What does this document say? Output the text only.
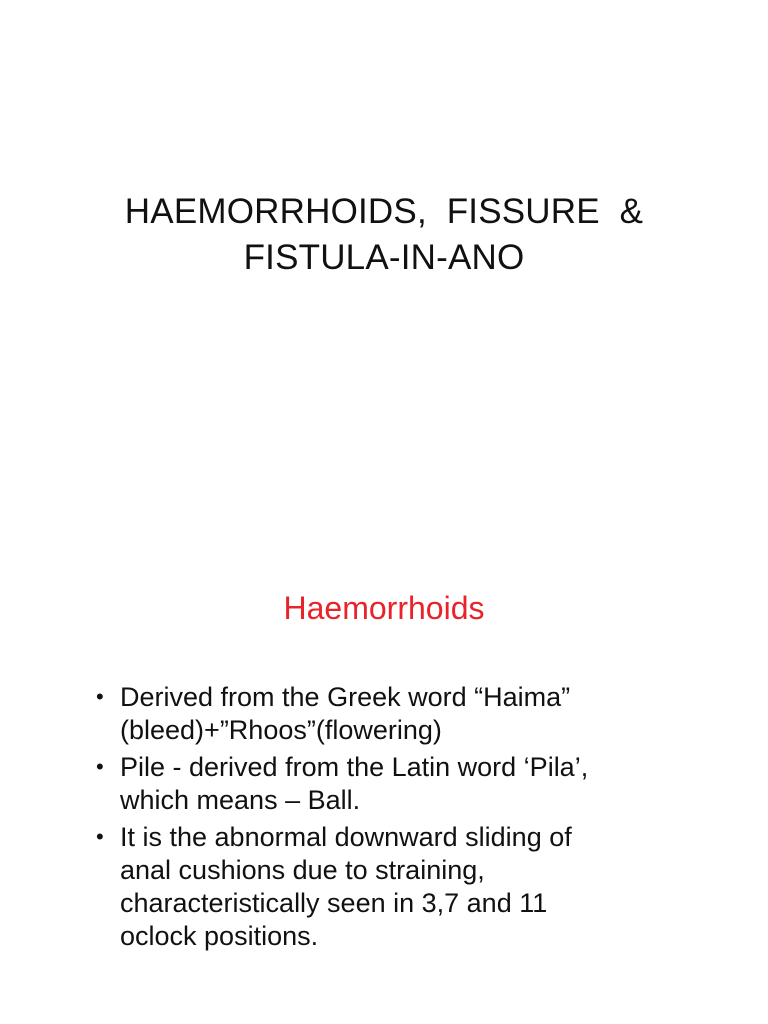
HAEMORRHOIDS,  FISSURE  &
FISTULA-IN-ANO
Haemorrhoids
• Derived from the Greek word “Haima”
(bleed)+”Rhoos”(flowering)
• Pile - derived from the Latin word ‘Pila’,
which means – Ball.
• It is the abnormal downward sliding of
anal cushions due to straining,
characteristically seen in 3,7 and 11
oclock positions.
